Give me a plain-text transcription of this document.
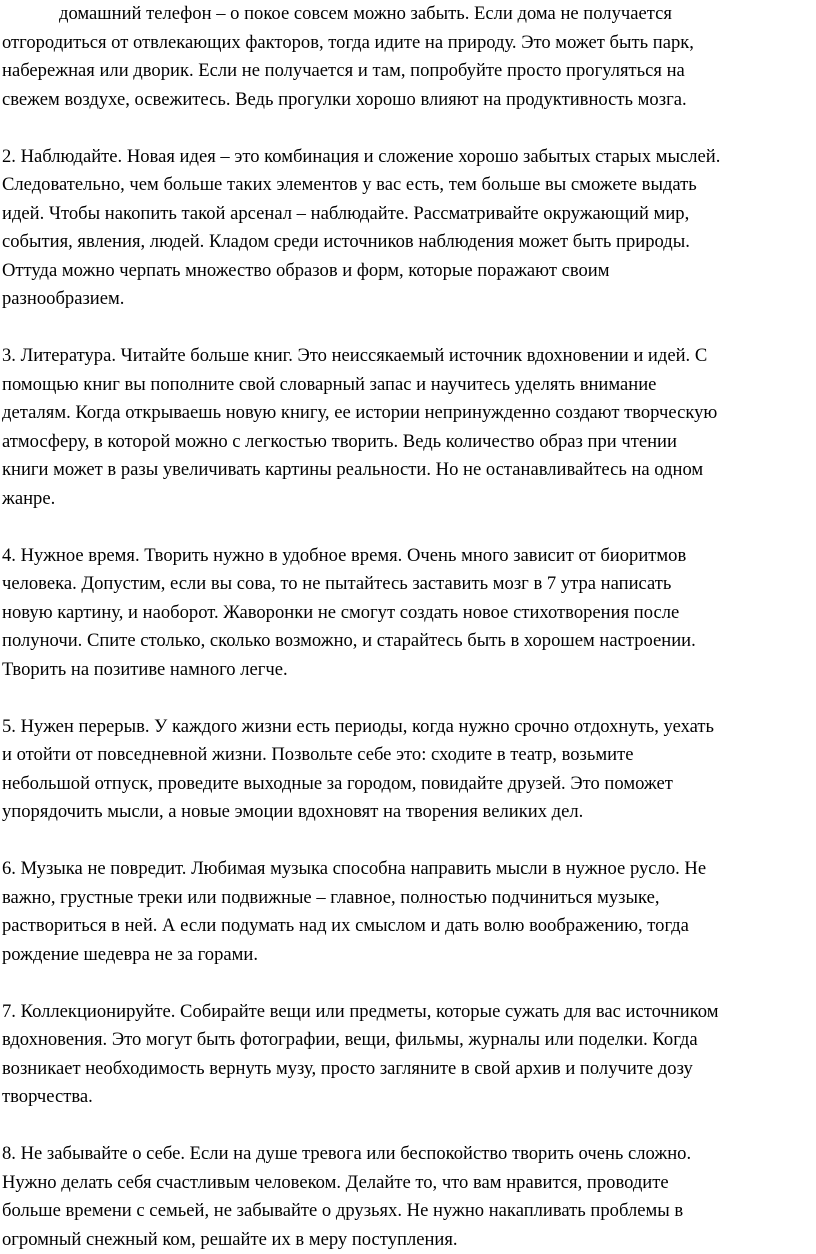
домашний телефон – о покое совсем можно забыть. Если дома не получается
отгородиться от отвлекающих факторов, тогда идите на природу. Это может быть парк,
набережная или дворик. Если не получается и там, попробуйте просто прогуляться на
свежем воздухе, освежитесь. Ведь прогулки хорошо влияют на продуктивность мозга.

2. Наблюдайте. Новая идея – это комбинация и сложение хорошо забытых старых мыслей.
Следовательно, чем больше таких элементов у вас есть, тем больше вы сможете выдать
идей. Чтобы накопить такой арсенал – наблюдайте. Рассматривайте окружающий мир,
события, явления, людей. Кладом среди источников наблюдения может быть природы.
Оттуда можно черпать множество образов и форм, которые поражают своим
разнообразием.

3. Литература. Читайте больше книг. Это неиссякаемый источник вдохновении и идей. С
помощью книг вы пополните свой словарный запас и научитесь уделять внимание
деталям. Когда открываешь новую книгу, ее истории непринужденно создают творческую
атмосферу, в которой можно с легкостью творить. Ведь количество образ при чтении
книги может в разы увеличивать картины реальности. Но не останавливайтесь на одном
жанре.

4. Нужное время. Творить нужно в удобное время. Очень много зависит от биоритмов
человека. Допустим, если вы сова, то не пытайтесь заставить мозг в 7 утра написать
новую картину, и наоборот. Жаворонки не смогут создать новое стихотворения после
полуночи. Спите столько, сколько возможно, и старайтесь быть в хорошем настроении.
Творить на позитиве намного легче.

5. Нужен перерыв. У каждого жизни есть периоды, когда нужно срочно отдохнуть, уехать
и отойти от повседневной жизни. Позвольте себе это: сходите в театр, возьмите
небольшой отпуск, проведите выходные за городом, повидайте друзей. Это поможет
упорядочить мысли, а новые эмоции вдохновят на творения великих дел.

6. Музыка не повредит. Любимая музыка способна направить мысли в нужное русло. Не
важно, грустные треки или подвижные – главное, полностью подчиниться музыке,
раствориться в ней. А если подумать над их смыслом и дать волю воображению, тогда
рождение шедевра не за горами.

7. Коллекционируйте. Собирайте вещи или предметы, которые сужать для вас источником
вдохновения. Это могут быть фотографии, вещи, фильмы, журналы или поделки. Когда
возникает необходимость вернуть музу, просто загляните в свой архив и получите дозу
творчества.

8. Не забывайте о себе. Если на душе тревога или беспокойство творить очень сложно.
Нужно делать себя счастливым человеком. Делайте то, что вам нравится, проводите
больше времени с семьей, не забывайте о друзьях. Не нужно накапливать проблемы в
огромный снежный ком, решайте их в меру поступления.
